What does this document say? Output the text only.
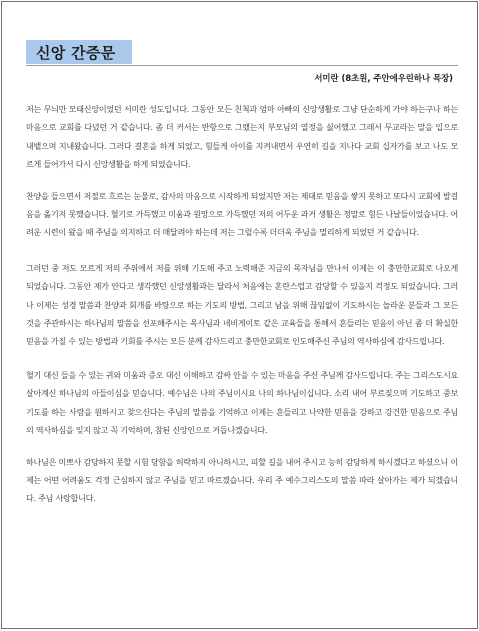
신앙 간증문
서미란 (8초원, 주안에우린하나 목장)

저는 무늬만 모태신앙이었던 서미란 성도입니다. 그동안 모든 친척과 엄마 아빠의 신앙생활로 그냥 단순하게 가야 하는구나 하는 마음으로 교회를 다녔던 거 같습니다. 좀 더 커서는 반항으로 그랬는지 부모님의 열정을 싫어했고 그래서 무교라는 말을 입으로 내뱉으며 지내왔습니다. 그러다 결혼을 하게 되었고, 힘들게 아이를 지켜내면서 우연히 길을 지나다 교회 십자가를 보고 나도 모르게 들어가서 다시 신앙생활을 하게 되었습니다.

찬양을 들으면서 저절로 흐르는 눈물로, 감사의 마음으로 시작하게 되었지만 저는 제대로 믿음을 쌓지 못하고 또다시 교회에 발걸음을 옮기지 못했습니다. 혈기로 가득했고 미움과 원망으로 가득했던 저의 어두운 과거 생활은 정말로 힘든 나날들이었습니다. 어려운 시련이 왔을 때 주님을 의지하고 더 매달려야 하는데 저는 그럴수록 더더욱 주님을 멀리하게 되었던 거 같습니다.

그러던 중 저도 모르게 저의 주위에서 저를 위해 기도해 주고 노력해준 지금의 목자님을 만나서 이제는 이 충만한교회로 나오게 되었습니다. 그동안 제가 안다고 생각했던 신앙생활과는 달라서 처음에는 혼란스럽고 감당할 수 있을지 걱정도 되었습니다. 그러나 이제는 성경 말씀과 찬양과 회개를 바탕으로 하는 기도의 방법, 그리고 남을 위해 끊임없이 기도하시는 놀라운 분들과 그 모든 것을 주관하시는 하나님의 말씀을 선포해주시는 목사님과 네비게이토 같은 교육들을 통해서 흔들리는 믿음이 아닌 좀 더 확실한 믿음을 가질 수 있는 방법과 기회를 주시는 모든 분께 감사드리고 충만한교회로 인도해주신 주님의 역사하심에 감사드립니다.

혈기 대신 들을 수 있는 귀와 미움과 증오 대신 이해하고 감싸 안을 수 있는 마음을 주신 주님께 감사드립니다. 주는 그리스도시요 살아계신 하나님의 아들이심을 믿습니다. 예수님은 나의 주님이시요 나의 하나님이십니다. 소리 내어 부르짖으며 기도하고 중보기도를 하는 사람을 원하시고 찾으신다는 주님의 말씀을 기억하고 이제는 흔들리고 나약한 믿음을 강하고 강건한 믿음으로 주님의 역사하심을 잊지 않고 꼭 기억하며, 참된 신앙인으로 거듭나겠습니다.

하나님은 미쁘사 감당하지 못할 시험 당함을 허락하지 아니하시고, 피할 길을 내어 주시고 능히 감당하게 하시겠다고 하셨으니 이제는 어떤 어려움도 걱정 근심하지 않고 주님을 믿고 따르겠습니다. 우리 주 예수그리스도의 말씀 따라 살아가는 제가 되겠습니다. 주님 사랑합니다.
